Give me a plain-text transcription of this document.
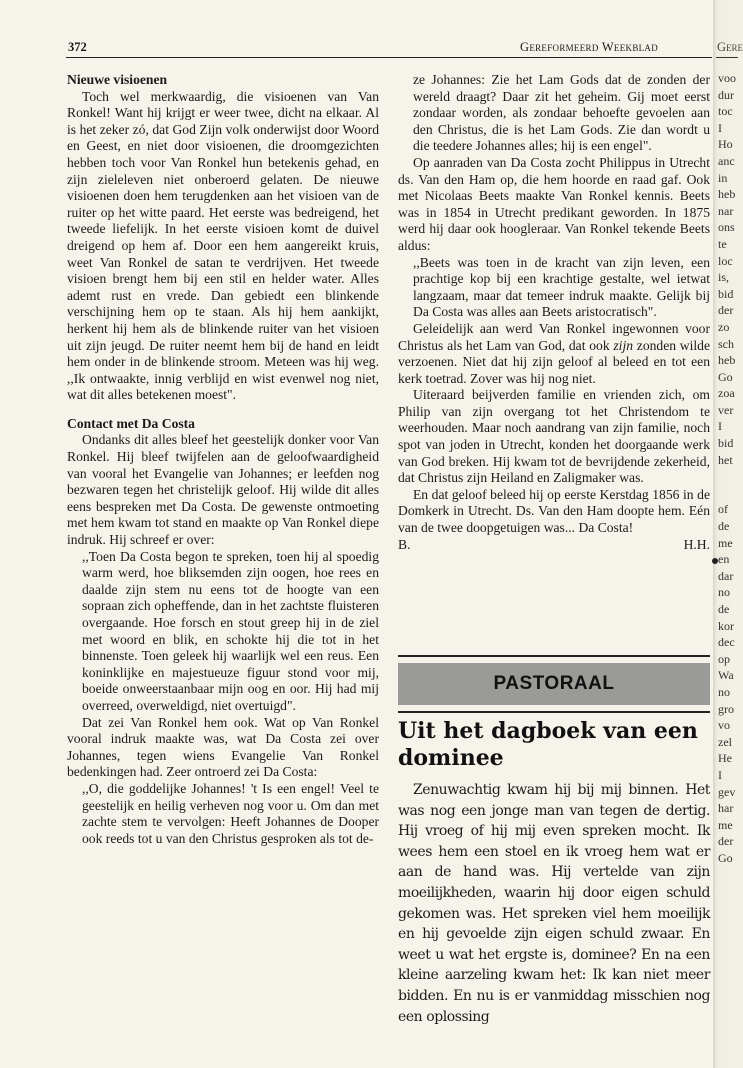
372	Gereformeerd Weekblad	Gere
Nieuwe visioenen

Toch wel merkwaardig, die visioenen van Van Ronkel! Want hij krijgt er weer twee, dicht na elkaar. Al is het zeker zó, dat God Zijn volk onderwijst door Woord en Geest, en niet door visioenen, die droomgezichten hebben toch voor Van Ronkel hun betekenis gehad, en zijn zieleleven niet onberoerd gelaten. De nieuwe visioenen doen hem terugdenken aan het visioen van de ruiter op het witte paard. Het eerste was bedreigend, het tweede liefelijk. In het eerste visioen komt de duivel dreigend op hem af. Door een hem aangereikt kruis, weet Van Ronkel de satan te verdrijven. Het tweede visioen brengt hem bij een stil en helder water. Alles ademt rust en vrede. Dan gebiedt een blinkende verschijning hem op te staan. Als hij hem aankijkt, herkent hij hem als de blinkende ruiter van het visioen uit zijn jeugd. De ruiter neemt hem bij de hand en leidt hem onder in de blinkende stroom. Meteen was hij weg. ,,Ik ontwaakte, innig verblijd en wist evenwel nog niet, wat dit alles betekenen moest".

Contact met Da Costa

Ondanks dit alles bleef het geestelijk donker voor Van Ronkel. Hij bleef twijfelen aan de geloofwaardigheid van vooral het Evangelie van Johannes; er leefden nog bezwaren tegen het christelijk geloof. Hij wilde dit alles eens bespreken met Da Costa. De gewenste ontmoeting met hem kwam tot stand en maakte op Van Ronkel diepe indruk. Hij schreef er over:

,,Toen Da Costa begon te spreken, toen hij al spoedig warm werd, hoe bliksemden zijn oogen, hoe rees en daalde zijn stem nu eens tot de hoogte van een sopraan zich opheffende, dan in het zachtste fluisteren overgaande. Hoe forsch en stout greep hij in de ziel met woord en blik, en schokte hij die tot in het binnenste. Toen geleek hij waarlijk wel een reus. Een koninklijke en majestueuze figuur stond voor mij, boeide onweerstaanbaar mijn oog en oor. Hij had mij overreed, overweldigd, niet overtuigd".

Dat zei Van Ronkel hem ook. Wat op Van Ronkel vooral indruk maakte was, wat Da Costa zei over Johannes, tegen wiens Evangelie Van Ronkel bedenkingen had. Zeer ontroerd zei Da Costa:

,,O, die goddelijke Johannes! 't Is een engel! Veel te geestelijk en heilig verheven nog voor u. Om dan met zachte stem te vervolgen: Heeft Johannes de Dooper ook reeds tot u van den Christus gesproken als tot de-

ze Johannes: Zie het Lam Gods dat de zonden der wereld draagt? Daar zit het geheim. Gij moet eerst zondaar worden, als zondaar behoefte gevoelen aan den Christus, die is het Lam Gods. Zie dan wordt u die teedere Johannes alles; hij is een engel".

Op aanraden van Da Costa zocht Philippus in Utrecht ds. Van den Ham op, die hem hoorde en raad gaf. Ook met Nicolaas Beets maakte Van Ronkel kennis. Beets was in 1854 in Utrecht predikant geworden. In 1875 werd hij daar ook hoogleraar. Van Ronkel tekende Beets aldus:

,,Beets was toen in de kracht van zijn leven, een prachtige kop bij een krachtige gestalte, wel ietwat langzaam, maar dat temeer indruk maakte. Gelijk bij Da Costa was alles aan Beets aristocratisch".

Geleidelijk aan werd Van Ronkel ingewonnen voor Christus als het Lam van God, dat ook zijn zonden wilde verzoenen. Niet dat hij zijn geloof al beleed en tot een kerk toetrad. Zover was hij nog niet.

Uiteraard beijverden familie en vrienden zich, om Philip van zijn overgang tot het Christendom te weerhouden. Maar noch aandrang van zijn familie, noch spot van joden in Utrecht, konden het doorgaande werk van God breken. Hij kwam tot de bevrijdende zekerheid, dat Christus zijn Heiland en Zaligmaker was.

En dat geloof beleed hij op eerste Kerstdag 1856 in de Domkerk in Utrecht. Ds. Van den Ham doopte hem. Eén van de twee doopgetuigen was... Da Costa!

B.	H.H.
PASTORAAL
Uit het dagboek van een dominee

Zenuwachtig kwam hij bij mij binnen. Het was nog een jonge man van tegen de dertig. Hij vroeg of hij mij even spreken mocht. Ik wees hem een stoel en ik vroeg hem wat er aan de hand was. Hij vertelde van zijn moeilijkheden, waarin hij door eigen schuld gekomen was. Het spreken viel hem moeilijk en hij gevoelde zijn eigen schuld zwaar. En weet u wat het ergste is, dominee? En na een kleine aarzeling kwam het: Ik kan niet meer bidden. En nu is er vanmiddag misschien nog een oplossing

voo
dur
toc
I
Ho
anc
in
heb
nar
ons
te
loc
is,
bid
der
zo
sch
heb
Go
zoa
ver
I
bid
het
of
de
me
en
dar
no
de
kor
dec
op
Wa
no
gro
vo
zel
He
I
gev
har
me
der
Go
